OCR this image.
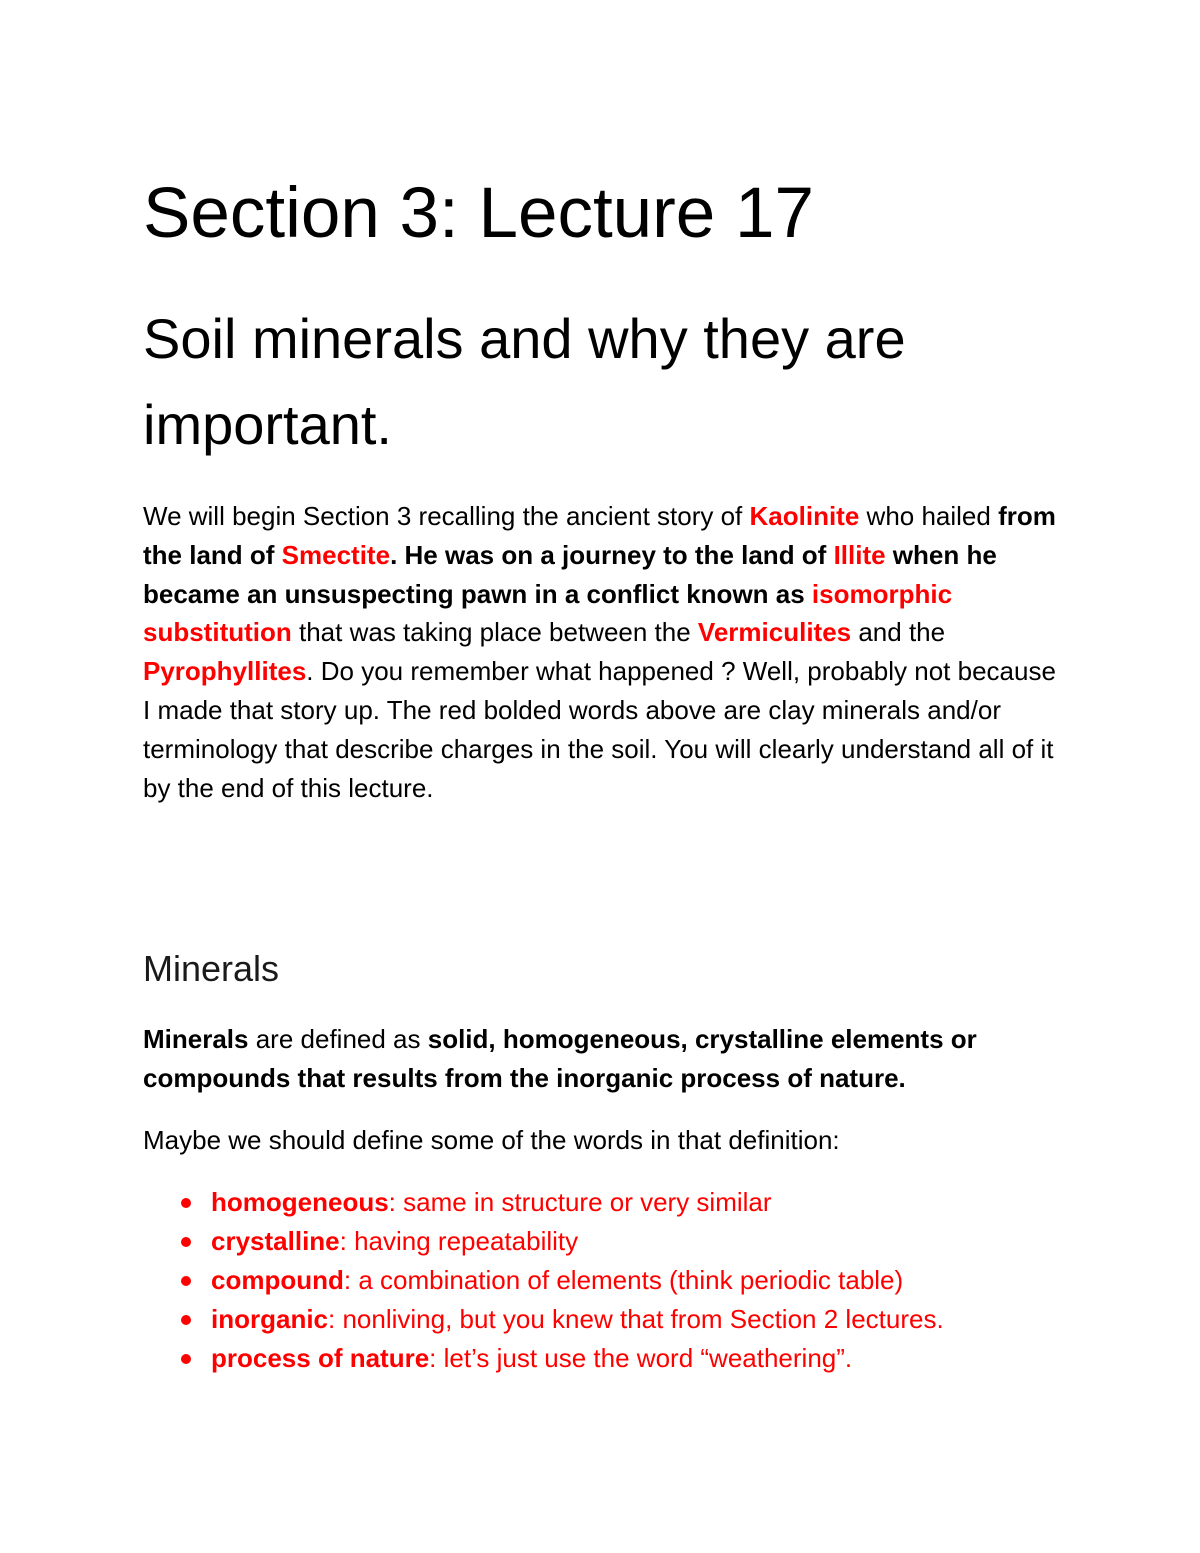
Section 3: Lecture 17
Soil minerals and why they are important.

We will begin Section 3 recalling the ancient story of Kaolinite who hailed from the land of Smectite. He was on a journey to the land of Illite when he became an unsuspecting pawn in a conflict known as isomorphic substitution that was taking place between the Vermiculites and the Pyrophyllites. Do you remember what happened ? Well, probably not because I made that story up. The red bolded words above are clay minerals and/or terminology that describe charges in the soil. You will clearly understand all of it by the end of this lecture.

Minerals

Minerals are defined as solid, homogeneous, crystalline elements or compounds that results from the inorganic process of nature.

Maybe we should define some of the words in that definition:

homogeneous: same in structure or very similar
crystalline: having repeatability
compound: a combination of elements (think periodic table)
inorganic: nonliving, but you knew that from Section 2 lectures.
process of nature: let’s just use the word “weathering”.
